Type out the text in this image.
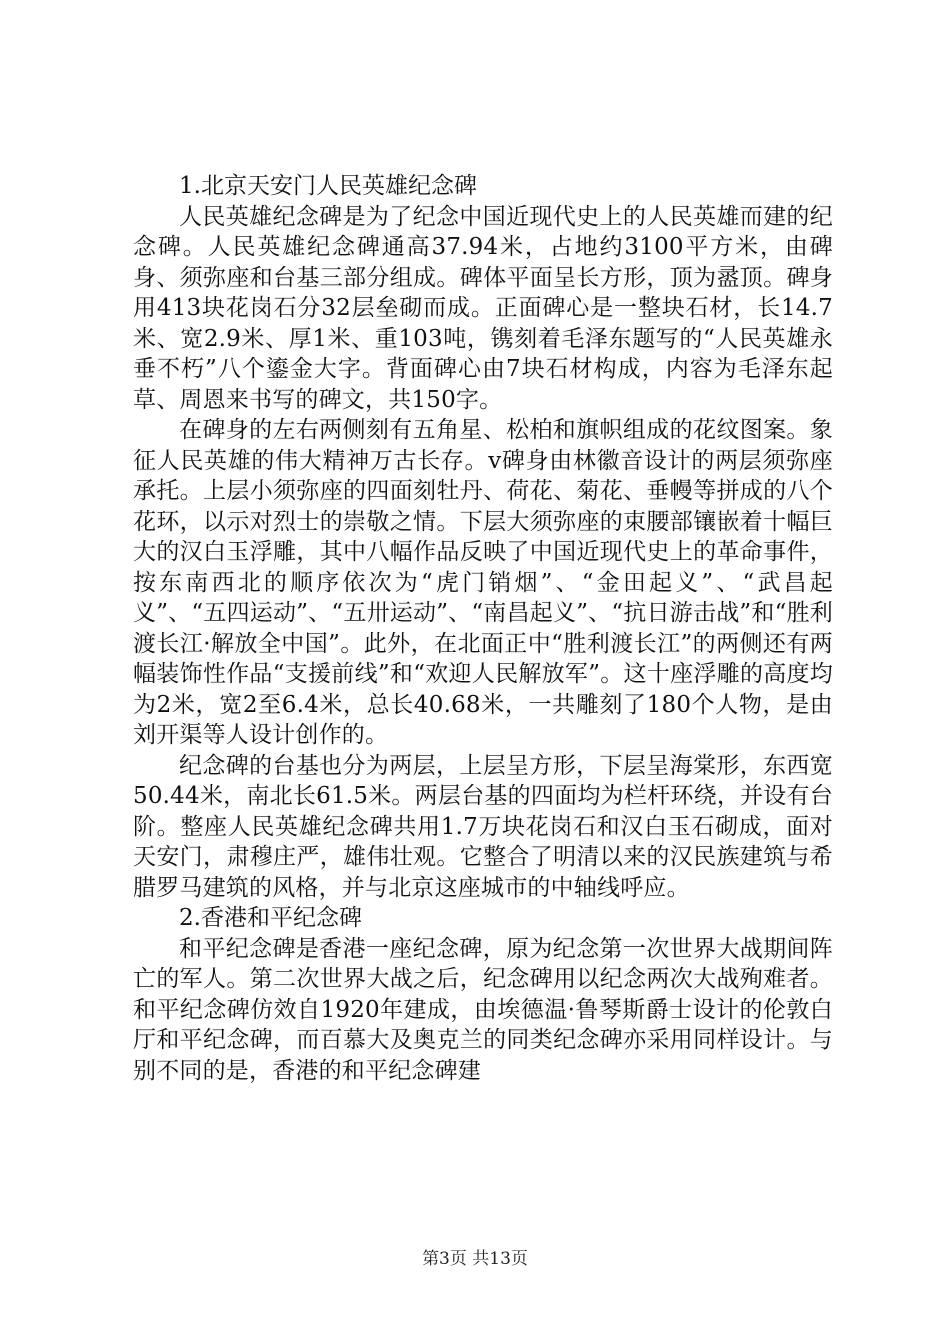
1.北京天安门人民英雄纪念碑

人民英雄纪念碑是为了纪念中国近现代史上的人民英雄而建的纪念碑。人民英雄纪念碑通高37.94米，占地约3100平方米，由碑身、须弥座和台基三部分组成。碑体平面呈长方形，顶为盝顶。碑身用413块花岗石分32层垒砌而成。正面碑心是一整块石材，长14.7米、宽2.9米、厚1米、重103吨，镌刻着毛泽东题写的“人民英雄永垂不朽”八个鎏金大字。背面碑心由7块石材构成，内容为毛泽东起草、周恩来书写的碑文，共150字。

在碑身的左右两侧刻有五角星、松柏和旗帜组成的花纹图案。象征人民英雄的伟大精神万古长存。v碑身由林徽音设计的两层须弥座承托。上层小须弥座的四面刻牡丹、荷花、菊花、垂幔等拼成的八个花环，以示对烈士的崇敬之情。下层大须弥座的束腰部镶嵌着十幅巨大的汉白玉浮雕，其中八幅作品反映了中国近现代史上的革命事件，按东南西北的顺序依次为“虎门销烟”、“金田起义”、“武昌起义”、“五四运动”、“五卅运动”、“南昌起义”、“抗日游击战”和“胜利渡长江·解放全中国”。此外，在北面正中“胜利渡长江”的两侧还有两幅装饰性作品“支援前线”和“欢迎人民解放军”。这十座浮雕的高度均为2米，宽2至6.4米，总长40.68米，一共雕刻了180个人物，是由刘开渠等人设计创作的。

纪念碑的台基也分为两层，上层呈方形，下层呈海棠形，东西宽50.44米，南北长61.5米。两层台基的四面均为栏杆环绕，并设有台阶。整座人民英雄纪念碑共用1.7万块花岗石和汉白玉石砌成，面对天安门，肃穆庄严，雄伟壮观。它整合了明清以来的汉民族建筑与希腊罗马建筑的风格，并与北京这座城市的中轴线呼应。

2.香港和平纪念碑

和平纪念碑是香港一座纪念碑，原为纪念第一次世界大战期间阵亡的军人。第二次世界大战之后，纪念碑用以纪念两次大战殉难者。和平纪念碑仿效自1920年建成，由埃德温·鲁琴斯爵士设计的伦敦白厅和平纪念碑，而百慕大及奥克兰的同类纪念碑亦采用同样设计。与别不同的是，香港的和平纪念碑建

第3页 共13页
